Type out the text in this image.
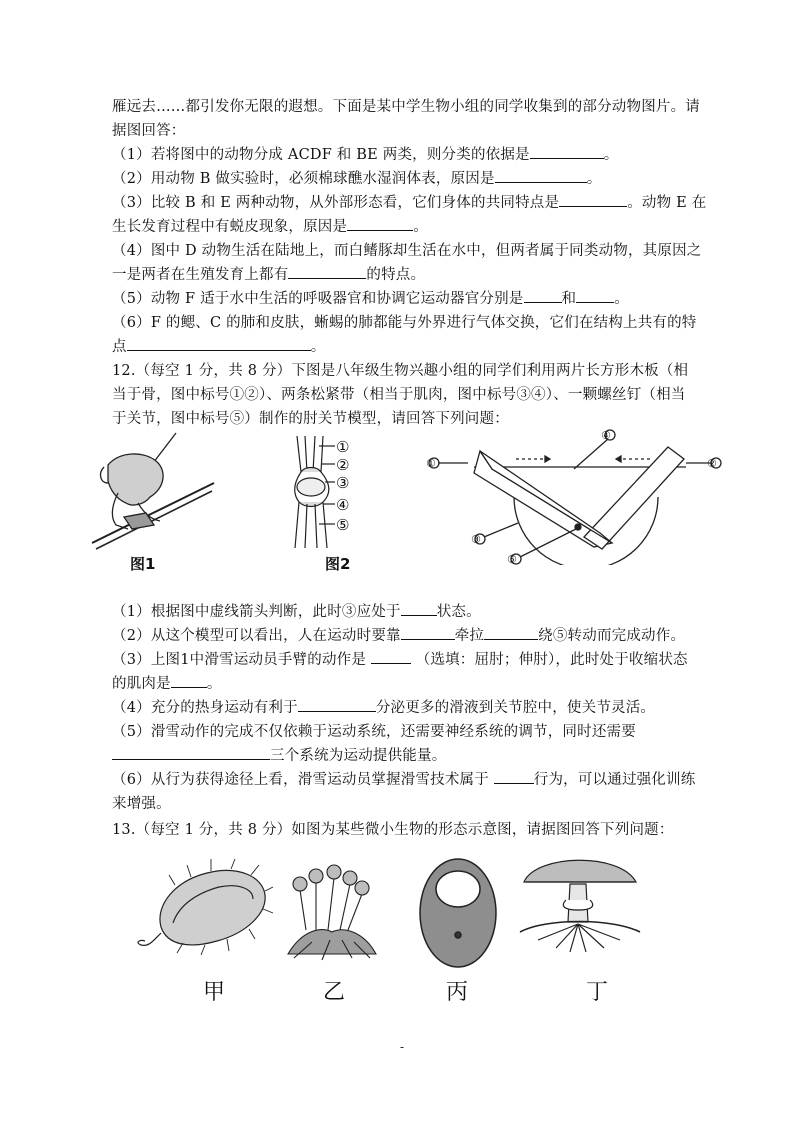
雁远去……都引发你无限的遐想。下面是某中学生物小组的同学收集到的部分动物图片。请
据图回答：
（1）若将图中的动物分成 ACDF 和 BE 两类，则分类的依据是	。
（2）用动物 B 做实验时，必须棉球醮水湿润体表，原因是	。
（3）比较 B 和 E 两种动物，从外部形态看，它们身体的共同特点是	。动物 E 在
生长发育过程中有蜕皮现象，原因是	。
（4）图中 D 动物生活在陆地上，而白鳍豚却生活在水中，但两者属于同类动物，其原因之
一是两者在生殖发育上都有	的特点。
（5）动物 F 适于水中生活的呼吸器官和协调它运动器官分别是	和	。
（6）F 的鳃、C 的肺和皮肤，蜥蜴的肺都能与外界进行气体交换，它们在结构上共有的特
点	。
12.（每空 1 分，共 8 分）下图是八年级生物兴趣小组的同学们利用两片长方形木板（相
当于骨，图中标号①②）、两条松紧带（相当于肌肉，图中标号③④）、一颗螺丝钉（相当
于关节，图中标号⑤）制作的肘关节模型，请回答下列问题：
图1
①
②
③
④
⑤
图2
①	②
③
④
⑤
（1）根据图中虚线箭头判断，此时③应处于 状态。
（2）从这个模型可以看出，人在运动时要靠	牵拉	绕⑤转动而完成动作。
（3）上图1中滑雪运动员手臂的动作是	（选填：屈肘；伸肘），此时处于收缩状态
的肌肉是 。
（4）充分的热身运动有利于	分泌更多的滑液到关节腔中，使关节灵活。
（5）滑雪动作的完成不仅依赖于运动系统，还需要神经系统的调节，同时还需要
三个系统为运动提供能量。
（6）从行为获得途径上看，滑雪运动员掌握滑雪技术属于	行为，可以通过强化训练
来增强。
13.（每空 1 分，共 8 分）如图为某些微小生物的形态示意图，请据图回答下列问题：
甲	乙	丙	丁
-
